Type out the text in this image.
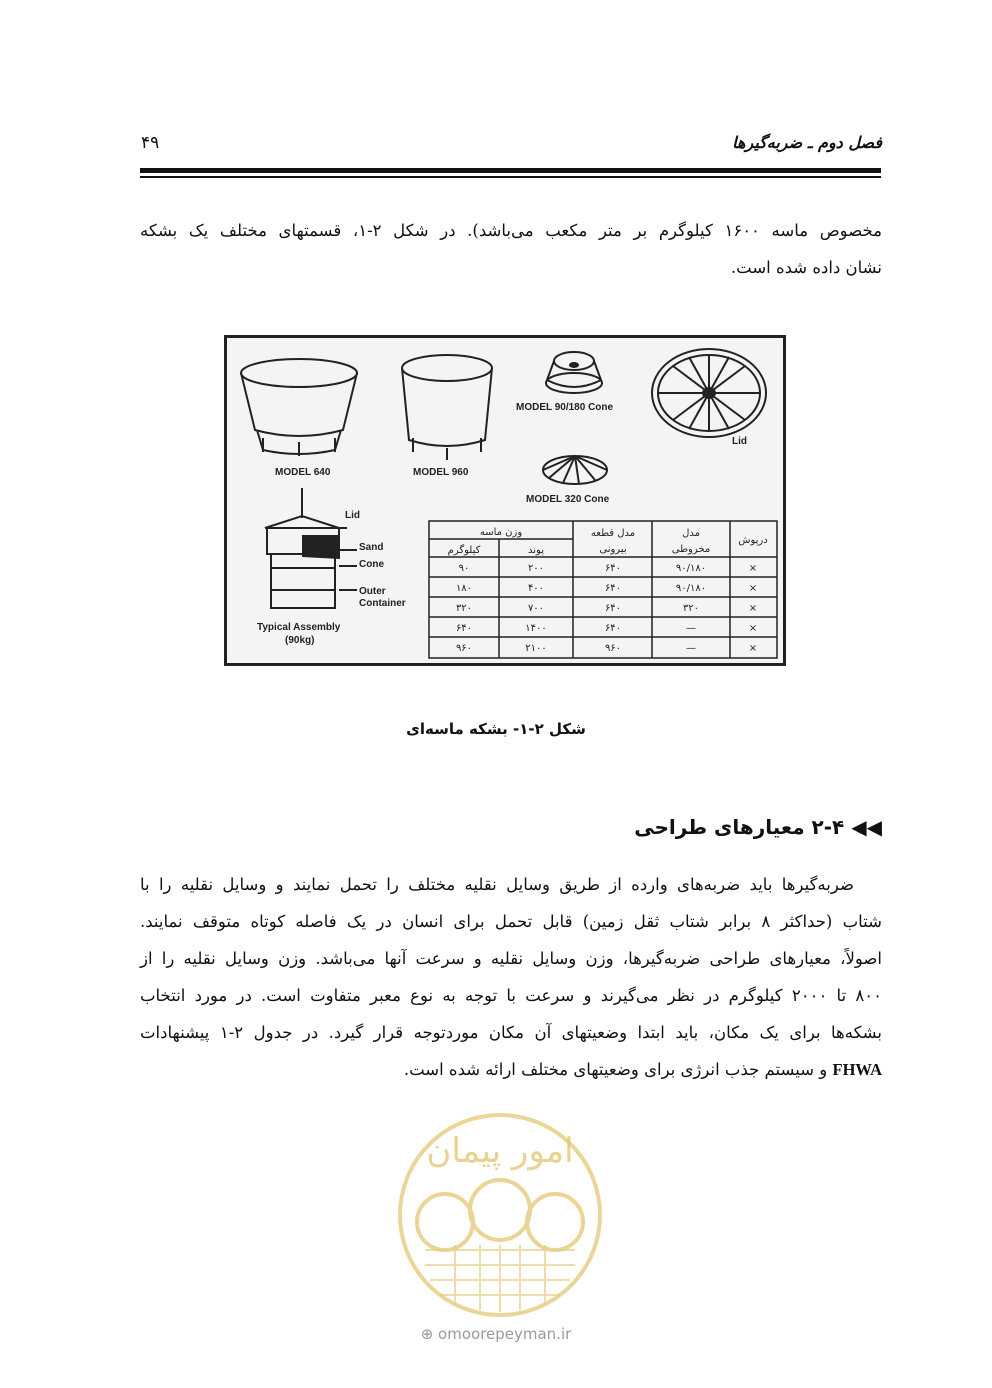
فصل دوم ـ ضربه‌گیرها
۴۹

مخصوص ماسه ۱۶۰۰ کیلوگرم بر متر مکعب می‌باشد). در شکل ۲-۱، قسمتهای مختلف یک بشکه

نشان داده شده است.

MODEL 640	MODEL 960
MODEL 90/180 Cone
Lid
MODEL 320 Cone
Lid
Sand
Cone
Outer
Container
Typical Assembly
(90kg)
درپوش
مدل
مخروطی
مدل قطعه
بیرونی
وزن ماسه
پوند
کیلوگرم
×
۹۰/۱۸۰
۶۴۰
۲۰۰
۹۰
×
۹۰/۱۸۰
۶۴۰
۴۰۰
۱۸۰
×
۳۲۰
۶۴۰
۷۰۰
۳۲۰
×
—
۶۴۰
۱۴۰۰
۶۴۰
×
—
۹۶۰
۲۱۰۰
۹۶۰
شکل ۲-۱- بشکه ماسه‌ای
◀◀ ۲-۴ معیارهای طراحی

ضربه‌گیرها باید ضربه‌های وارده از طریق وسایل نقلیه مختلف را تحمل نمایند و وسایل نقلیه را با

شتاب (حداکثر ۸ برابر شتاب ثقل زمین) قابل تحمل برای انسان در یک فاصله کوتاه متوقف نمایند.

اصولاً، معیارهای طراحی ضربه‌گیرها، وزن وسایل نقلیه و سرعت آنها می‌باشد. وزن وسایل نقلیه را از

۸۰۰ تا ۲۰۰۰ کیلوگرم در نظر می‌گیرند و سرعت با توجه به نوع معبر متفاوت است. در مورد انتخاب

بشکه‌ها برای یک مکان، باید ابتدا وضعیتهای آن مکان موردتوجه قرار گیرد. در جدول ۲-۱ پیشنهادات

FHWA و سیستم جذب انرژی برای وضعیتهای مختلف ارائه شده است.

امور پیمان
⊕ omoorepeyman.ir
